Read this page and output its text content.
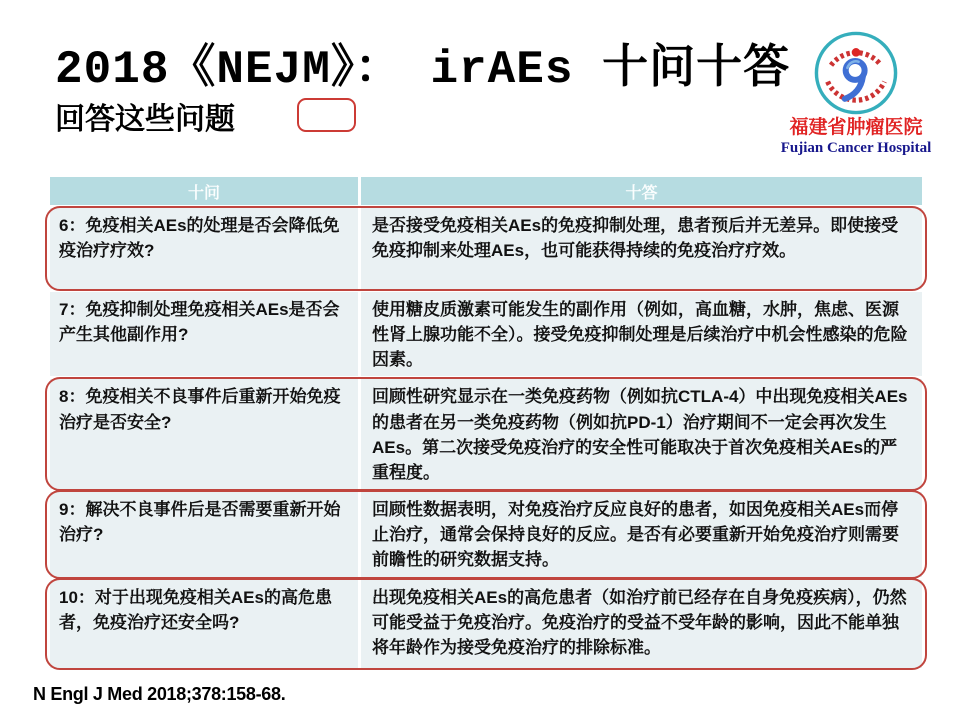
2018《NEJM》： irAEs 十问十答
回答这些问题	福建省肿瘤医院
Fujian Cancer Hospital
十问	十答
6：免疫相关AEs的处理是否会降低免疫治疗疗效?
是否接受免疫相关AEs的免疫抑制处理，患者预后并无差异。即使接受免疫抑制来处理AEs，也可能获得持续的免疫治疗疗效。
7：免疫抑制处理免疫相关AEs是否会产生其他副作用?
使用糖皮质激素可能发生的副作用（例如，高血糖，水肿，焦虑、医源性肾上腺功能不全）。接受免疫抑制处理是后续治疗中机会性感染的危险因素。
8：免疫相关不良事件后重新开始免疫治疗是否安全?
回顾性研究显示在一类免疫药物（例如抗CTLA-4）中出现免疫相关AEs的患者在另一类免疫药物（例如抗PD-1）治疗期间不一定会再次发生AEs。第二次接受免疫治疗的安全性可能取决于首次免疫相关AEs的严重程度。
9：解决不良事件后是否需要重新开始治疗?
回顾性数据表明，对免疫治疗反应良好的患者，如因免疫相关AEs而停止治疗，通常会保持良好的反应。是否有必要重新开始免疫治疗则需要前瞻性的研究数据支持。
10：对于出现免疫相关AEs的高危患者，免疫治疗还安全吗?
出现免疫相关AEs的高危患者（如治疗前已经存在自身免疫疾病），仍然可能受益于免疫治疗。免疫治疗的受益不受年龄的影响，因此不能单独将年龄作为接受免疫治疗的排除标准。
N Engl J Med 2018;378:158-68.
